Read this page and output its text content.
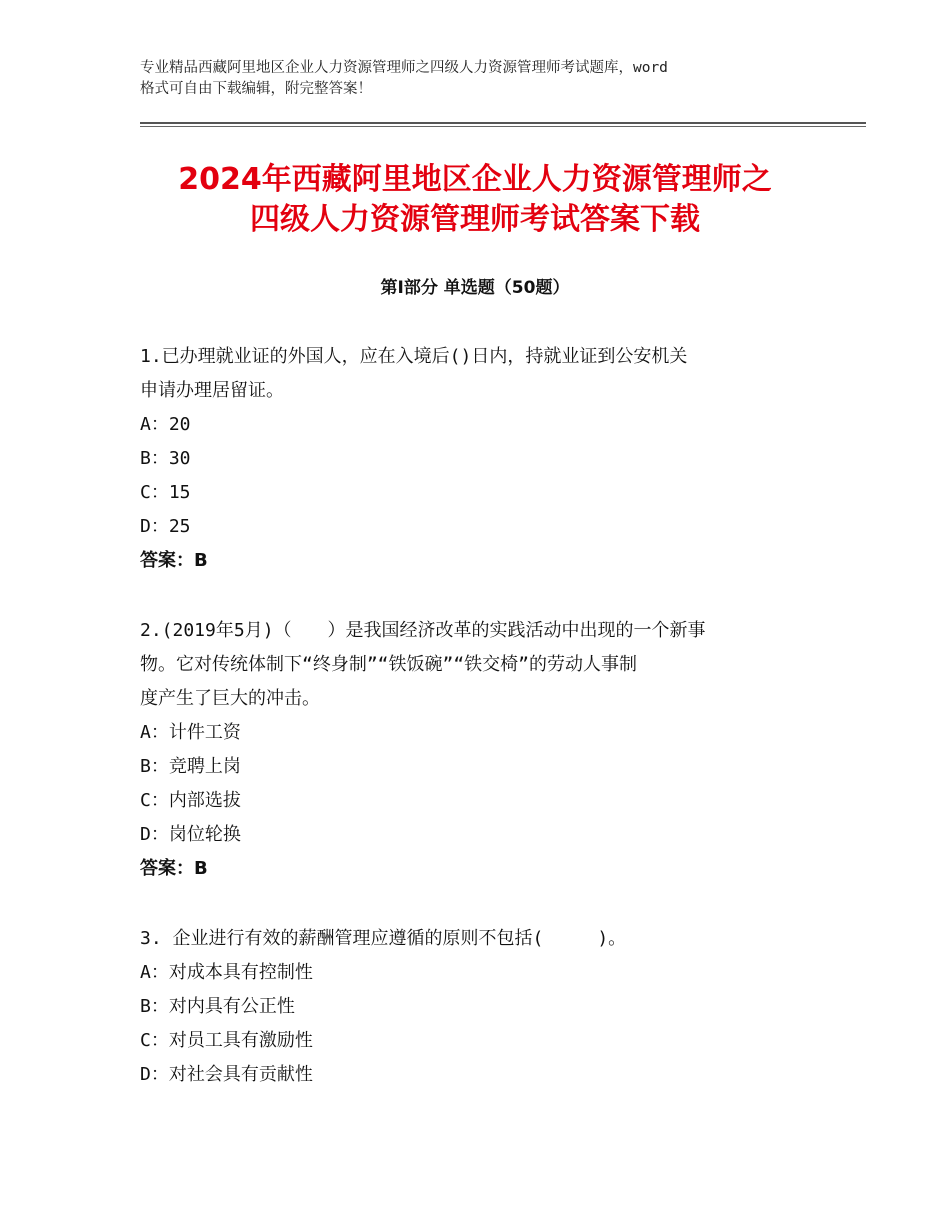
专业精品西藏阿里地区企业人力资源管理师之四级人力资源管理师考试题库，word
格式可自由下载编辑，附完整答案！
2024年西藏阿里地区企业人力资源管理师之
四级人力资源管理师考试答案下载
第Ⅰ部分 单选题（50题）
1.已办理就业证的外国人，应在入境后()日内，持就业证到公安机关
申请办理居留证。
A：20
B：30
C：15
D：25
答案：B
2.(2019年5月)（　　）是我国经济改革的实践活动中出现的一个新事
物。它对传统体制下“终身制”“铁饭碗”“铁交椅”的劳动人事制
度产生了巨大的冲击。
A：计件工资
B：竞聘上岗
C：内部选拔
D：岗位轮换
答案：B
3. 企业进行有效的薪酬管理应遵循的原则不包括(　　　)。
A：对成本具有控制性
B：对内具有公正性
C：对员工具有激励性
D：对社会具有贡献性
